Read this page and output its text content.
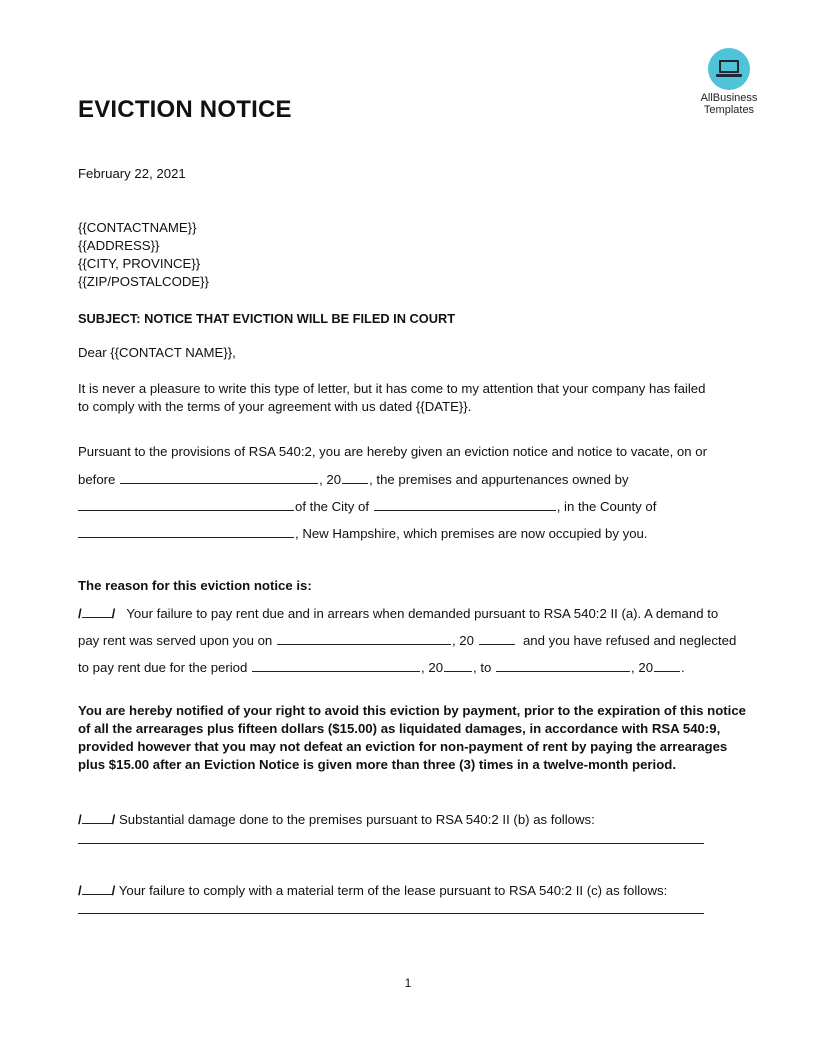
AllBusiness
Templates
EVICTION NOTICE
February 22, 2021
{{CONTACTNAME}}
{{ADDRESS}}
{{CITY, PROVINCE}}
{{ZIP/POSTALCODE}}
SUBJECT: NOTICE THAT EVICTION WILL BE FILED IN COURT
Dear {{CONTACT NAME}},
It is never a pleasure to write this type of letter, but it has come to my attention that your company has failed
to comply with the terms of your agreement with us dated {{DATE}}.
Pursuant to the provisions of RSA 540:2, you are hereby given an eviction notice and notice to vacate, on or
before	, 20 , the premises and appurtenances owned by
of the City of	, in the County of
, New Hampshire, which premises are now occupied by you.
The reason for this eviction notice is:
/ / Your failure to pay rent due and in arrears when demanded pursuant to RSA 540:2 II (a). A demand to
pay rent was served upon you on	, 20	and you have refused and neglected
to pay rent due for the period	, 20 , to	, 20 .
You are hereby notified of your right to avoid this eviction by payment, prior to the expiration of this notice
of all the arrearages plus fifteen dollars ($15.00) as liquidated damages, in accordance with RSA 540:9,
provided however that you may not defeat an eviction for non-payment of rent by paying the arrearages
plus $15.00 after an Eviction Notice is given more than three (3) times in a twelve-month period.
/ / Substantial damage done to the premises pursuant to RSA 540:2 II (b) as follows:
/ / Your failure to comply with a material term of the lease pursuant to RSA 540:2 II (c) as follows:
1
